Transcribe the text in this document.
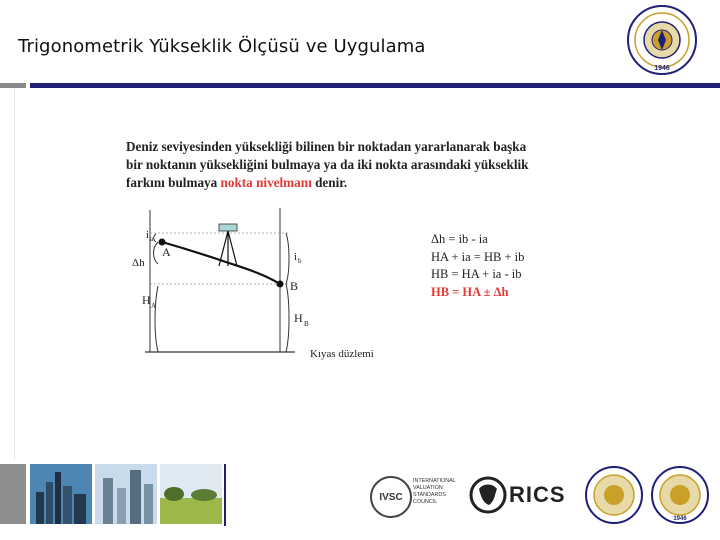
Trigonometrik Yükseklik Ölçüsü ve Uygulama
1946
Deniz seviyesinden yüksekliği bilinen bir noktadan yararlanarak başka bir noktanın yüksekliğini bulmaya ya da iki nokta arasındaki yükseklik farkını bulmaya nokta nivelmanı denir.
i a
A
Δh
H A
i b
B
H B
Kıyas düzlemi
Δh = ib - ia
HA + ia = HB + ib
HB = HA + ia - ib
HB = HA ± Δh
IVSC
INTERNATIONAL
VALUATION
STANDARDS
COUNCIL	RICS
1946
